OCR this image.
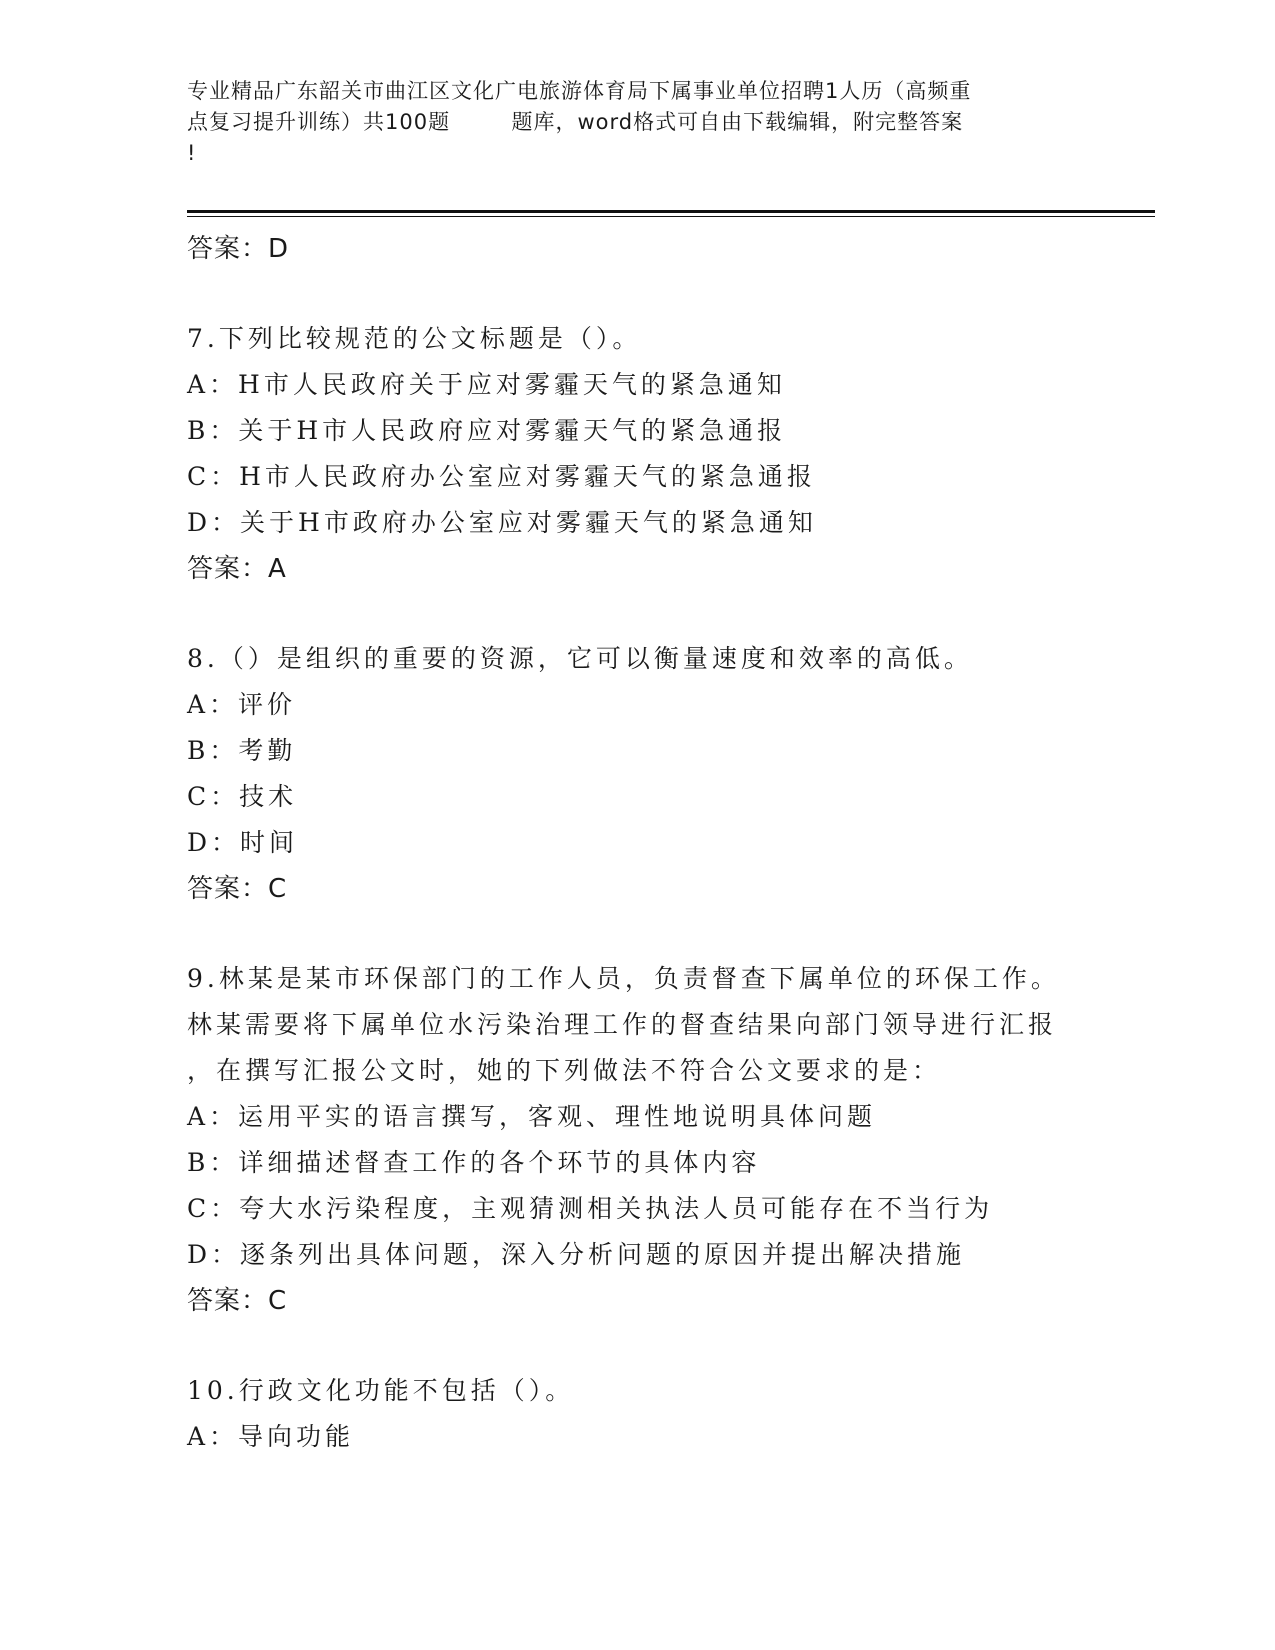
专业精品广东韶关市曲江区文化广电旅游体育局下属事业单位招聘1人历（高频重
点复习提升训练）共100题        题库，word格式可自由下载编辑，附完整答案
!
答案：D
7.下列比较规范的公文标题是（）。
A：H市人民政府关于应对雾霾天气的紧急通知
B：关于H市人民政府应对雾霾天气的紧急通报
C：H市人民政府办公室应对雾霾天气的紧急通报
D：关于H市政府办公室应对雾霾天气的紧急通知
答案：A
8.（）是组织的重要的资源，它可以衡量速度和效率的高低。
A：评价
B：考勤
C：技术
D：时间
答案：C
9.林某是某市环保部门的工作人员，负责督查下属单位的环保工作。
林某需要将下属单位水污染治理工作的督查结果向部门领导进行汇报
，在撰写汇报公文时，她的下列做法不符合公文要求的是：
A：运用平实的语言撰写，客观、理性地说明具体问题
B：详细描述督查工作的各个环节的具体内容
C：夸大水污染程度，主观猜测相关执法人员可能存在不当行为
D：逐条列出具体问题，深入分析问题的原因并提出解决措施
答案：C
10.行政文化功能不包括（）。
A：导向功能
